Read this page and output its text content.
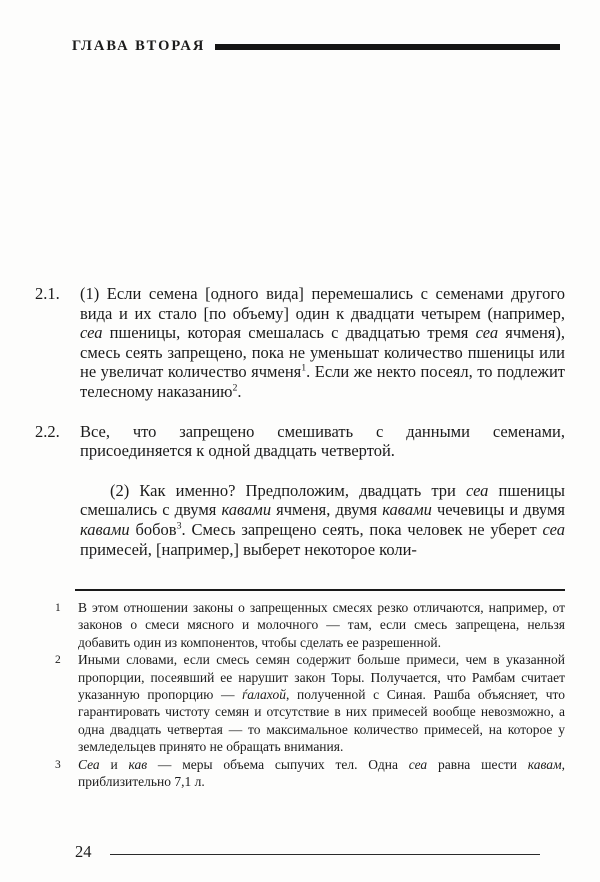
ГЛАВА ВТОРАЯ
2.1.	(1) Если семена [одного вида] перемешались с семенами другого вида и их стало [по объему] один к двадцати четырем (например, сеа пшеницы, которая смешалась с двадцатью тремя сеа ячменя), смесь сеять запрещено, пока не уменьшат количество пшеницы или не увеличат количество ячменя$^1$. Если же некто посеял, то подлежит телесному наказанию$^2$.
2.2.	Все, что запрещено смешивать с данными семенами, присоединяется к одной двадцать четвертой.
(2) Как именно? Предположим, двадцать три сеа пшеницы смешались с двумя кавами ячменя, двумя кавами чечевицы и двумя кавами бобов$^3$. Смесь запрещено сеять, пока человек не уберет сеа примесей, [например,] выберет некоторое коли-
1	В этом отношении законы о запрещенных смесях резко отличаются, например, от законов о смеси мясного и молочного — там, если смесь запрещена, нельзя добавить один из компонентов, чтобы сделать ее разрешенной.
2	Иными словами, если смесь семян содержит больше примеси, чем в указанной пропорции, посеявший ее нарушит закон Торы. Получается, что Рамбам считает указанную пропорцию — ѓалахой, полученной с Синая. Рашба объясняет, что гарантировать чистоту семян и отсутствие в них примесей вообще невозможно, а одна двадцать четвертая — то максимальное количество примесей, на которое у земледельцев принято не обращать внимания.
3	Сеа и кав — меры объема сыпучих тел. Одна сеа равна шести кавам, приблизительно 7,1 л.
24
